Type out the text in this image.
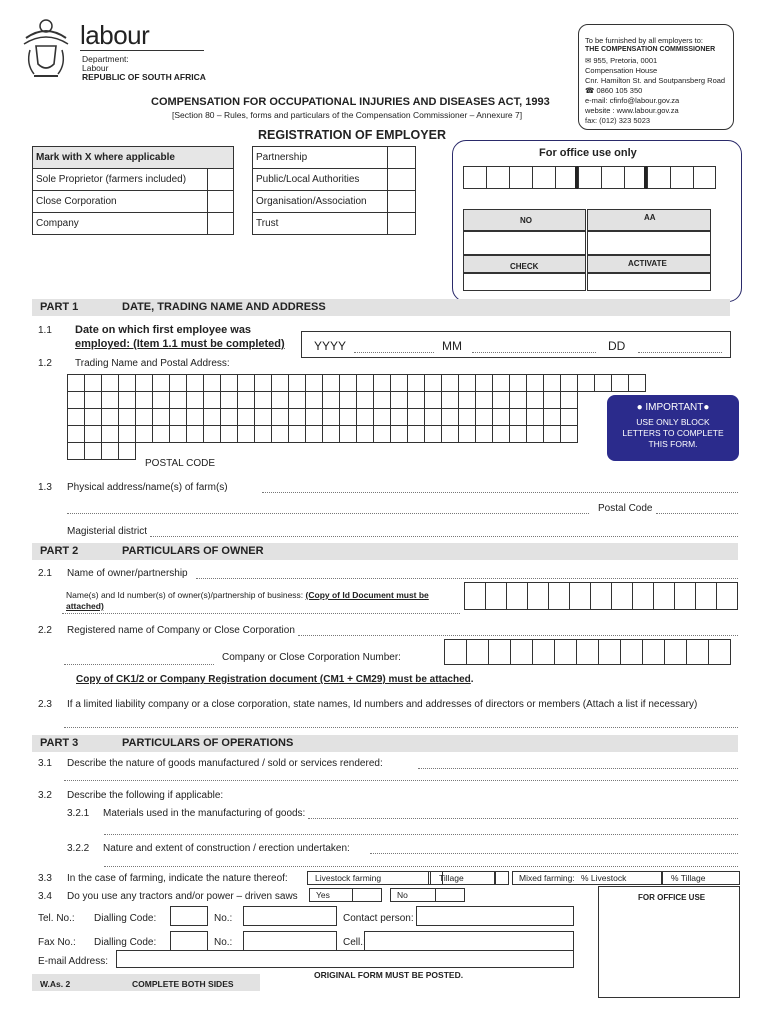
labour
Department:
Labour
REPUBLIC OF SOUTH AFRICA
COMPENSATION FOR OCCUPATIONAL INJURIES AND DISEASES ACT, 1993
[Section 80 – Rules, forms and particulars of the Compensation Commissioner – Annexure 7]
REGISTRATION OF EMPLOYER
To be furnished by all employers to:
THE COMPENSATION COMMISSIONER
✉ 955, Pretoria, 0001
Compensation House
Cnr. Hamilton St. and Soutpansberg Road
☎ 0860 105 350
e-mail: cfinfo@labour.gov.za
website : www.labour.gov.za
fax: (012) 323 5023
Mark with X where applicable	
Sole Proprietor (farmers included)	
Close Corporation	
Company	
Partnership	
Public/Local Authorities	
Organisation/Association	
Trust	
For office use only
NO	AA
CHECK	ACTIVATE
PART 1	DATE, TRADING NAME AND ADDRESS
1.1 Date on which first employee was
employed: (Item 1.1 must be completed) YYYY	MM	DD
1.2 Trading Name and Postal Address:
POSTAL CODE
● IMPORTANT●
USE ONLY BLOCK
LETTERS TO COMPLETE
THIS FORM.
1.3 Physical address/name(s) of farm(s)
Postal Code
Magisterial district
PART 2	PARTICULARS OF OWNER
2.1 Name of owner/partnership
Name(s) and Id number(s) of owner(s)/partnership of business: (Copy of Id Document must be
attached)
2.2 Registered name of Company or Close Corporation
Company or Close Corporation Number:
Copy of CK1/2 or Company Registration document (CM1 + CM29) must be attached.
2.3 If a limited liability company or a close corporation, state names, Id numbers and addresses of directors or members (Attach a list if necessary)
PART 3	PARTICULARS OF OPERATIONS
3.1 Describe the nature of goods manufactured / sold or services rendered:
3.2 Describe the following if applicable:
3.2.1 Materials used in the manufacturing of goods:
3.2.2 Nature and extent of construction / erection undertaken:
3.3 In the case of farming, indicate the nature thereof:	Livestock farming	Tillage	Mixed farming: % Livestock	% Tillage
3.4 Do you use any tractors and/or power – driven saws Yes	No	FOR OFFICE USE
Tel. No.: Dialling Code:	No.:	Contact person:
Fax No.: Dialling Code:	No.:	Cell.:
E-mail Address:
ORIGINAL FORM MUST BE POSTED.
W.As. 2	COMPLETE BOTH SIDES
